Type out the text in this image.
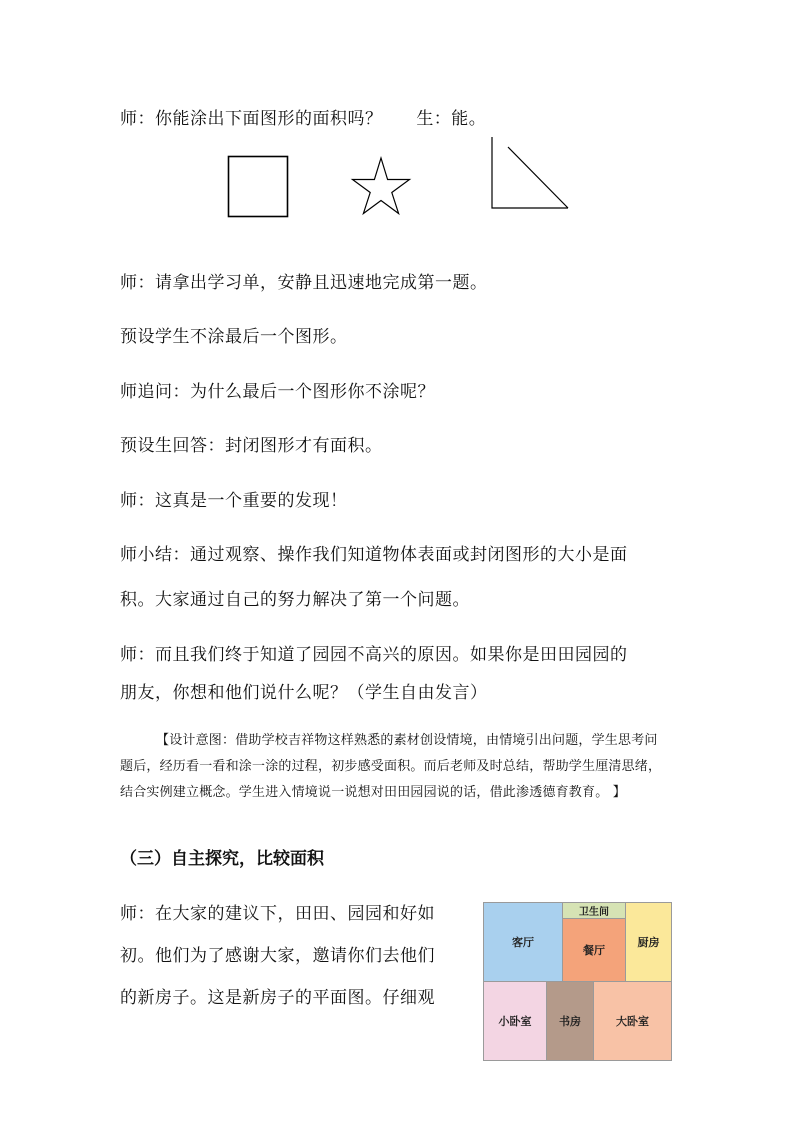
师：你能涂出下面图形的面积吗？ 生：能。
师：请拿出学习单，安静且迅速地完成第一题。
预设学生不涂最后一个图形。
师追问：为什么最后一个图形你不涂呢？
预设生回答：封闭图形才有面积。
师：这真是一个重要的发现！
师小结：通过观察、操作我们知道物体表面或封闭图形的大小是面
积。大家通过自己的努力解决了第一个问题。
师：而且我们终于知道了园园不高兴的原因。如果你是田田园园的
朋友，你想和他们说什么呢？（学生自由发言）
【设计意图：借助学校吉祥物这样熟悉的素材创设情境，由情境引出问题，学生思考问题后，经历看一看和涂一涂的过程，初步感受面积。而后老师及时总结，帮助学生厘清思绪，结合实例建立概念。学生进入情境说一说想对田田园园说的话，借此渗透德育教育。 】
（三）自主探究，比较面积
师：在大家的建议下，田田、园园和好如
初。他们为了感谢大家，邀请你们去他们
的新房子。这是新房子的平面图。仔细观
客厅
卫生间
餐厅
厨房
小卧室	书房	大卧室
